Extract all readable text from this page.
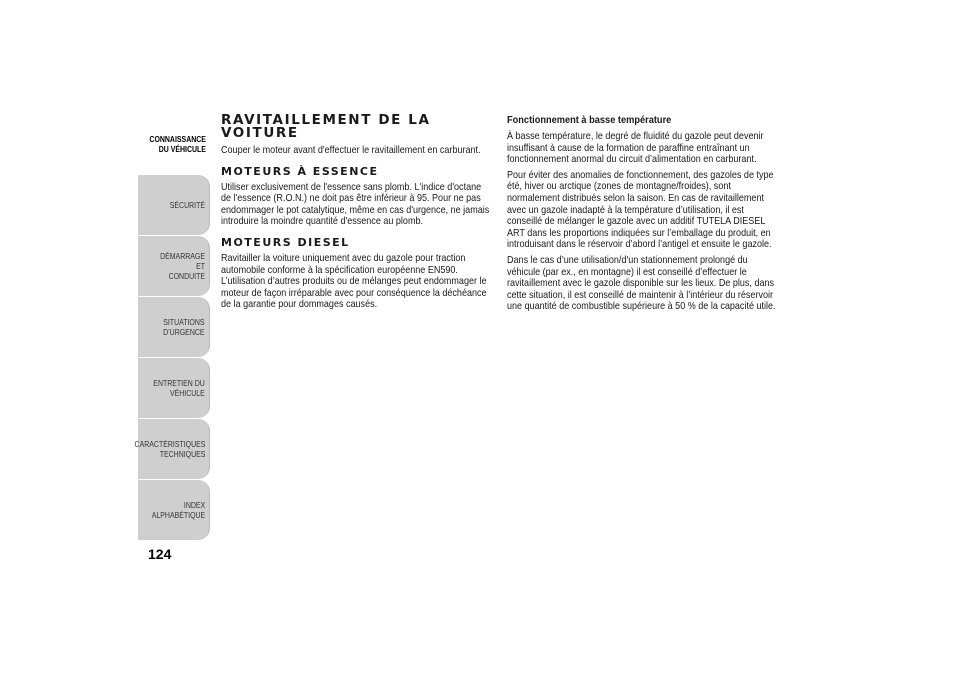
CONNAISSANCE
DU VÉHICULE
SÉCURITÉ
DÉMARRAGE ET
CONDUITE
SITUATIONS
D’URGENCE
ENTRETIEN DU
VÉHICULE
CARACTÉRISTIQUES
TECHNIQUES
INDEX
ALPHABÉTIQUE
124
RAVITAILLEMENT DE LA VOITURE

Couper le moteur avant d'effectuer le ravitaillement en carburant.

MOTEURS À ESSENCE

Utiliser exclusivement de l'essence sans plomb. L'indice d'octane de l'essence (R.O.N.) ne doit pas être inférieur à 95. Pour ne pas endommager le pot catalytique, même en cas d'urgence, ne jamais introduire la moindre quantité d'essence au plomb.

MOTEURS DIESEL

Ravitailler la voiture uniquement avec du gazole pour traction automobile conforme à la spécification européenne EN590. L’utilisation d’autres produits ou de mélanges peut endommager le moteur de façon irréparable avec pour conséquence la déchéance de la garantie pour dommages causés.

Fonctionnement à basse température

À basse température, le degré de fluidité du gazole peut devenir insuffisant à cause de la formation de paraffine entraînant un fonctionnement anormal du circuit d’alimentation en carburant.

Pour éviter des anomalies de fonctionnement, des gazoles de type été, hiver ou arctique (zones de montagne/froides), sont normalement distribués selon la saison. En cas de ravitaillement avec un gazole inadapté à la température d’utilisation, il est conseillé de mélanger le gazole avec un additif TUTELA DIESEL ART dans les proportions indiquées sur l’emballage du produit, en introduisant dans le réservoir d’abord l’antigel et ensuite le gazole.

Dans le cas d’une utilisation/d'un stationnement prolongé du véhicule (par ex., en montagne) il est conseillé d’effectuer le ravitaillement avec le gazole disponible sur les lieux. De plus, dans cette situation, il est conseillé de maintenir à l’intérieur du réservoir une quantité de combustible supérieure à 50 % de la capacité utile.
